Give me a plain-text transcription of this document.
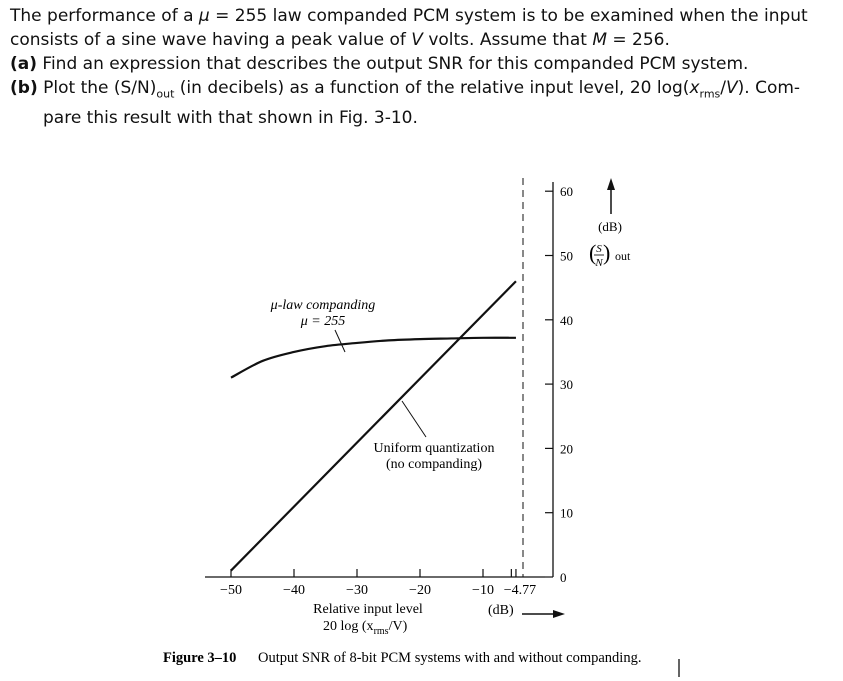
The performance of a μ = 255 law companded PCM system is to be examined when the input

consists of a sine wave having a peak value of V volts. Assume that M = 256.

(a) Find an expression that describes the output SNR for this companded PCM system.

(b) Plot the $(S/N)_{out}$ (in decibels) as a function of the relative input level, 20 $\log(x_{rms}/V)$. Com-

pare this result with that shown in Fig. 3-10.

−50	−40	−30	−20	−10 −4.77
0
10
20
30
40
50
60
μ-law companding
μ = 255
Uniform quantization
(no companding)
(dB)
( S
N ) out
Relative input level
20 $\log (x_{rms}/V)$
(dB)
Figure 3–10 Output SNR of 8-bit PCM systems with and without companding.
